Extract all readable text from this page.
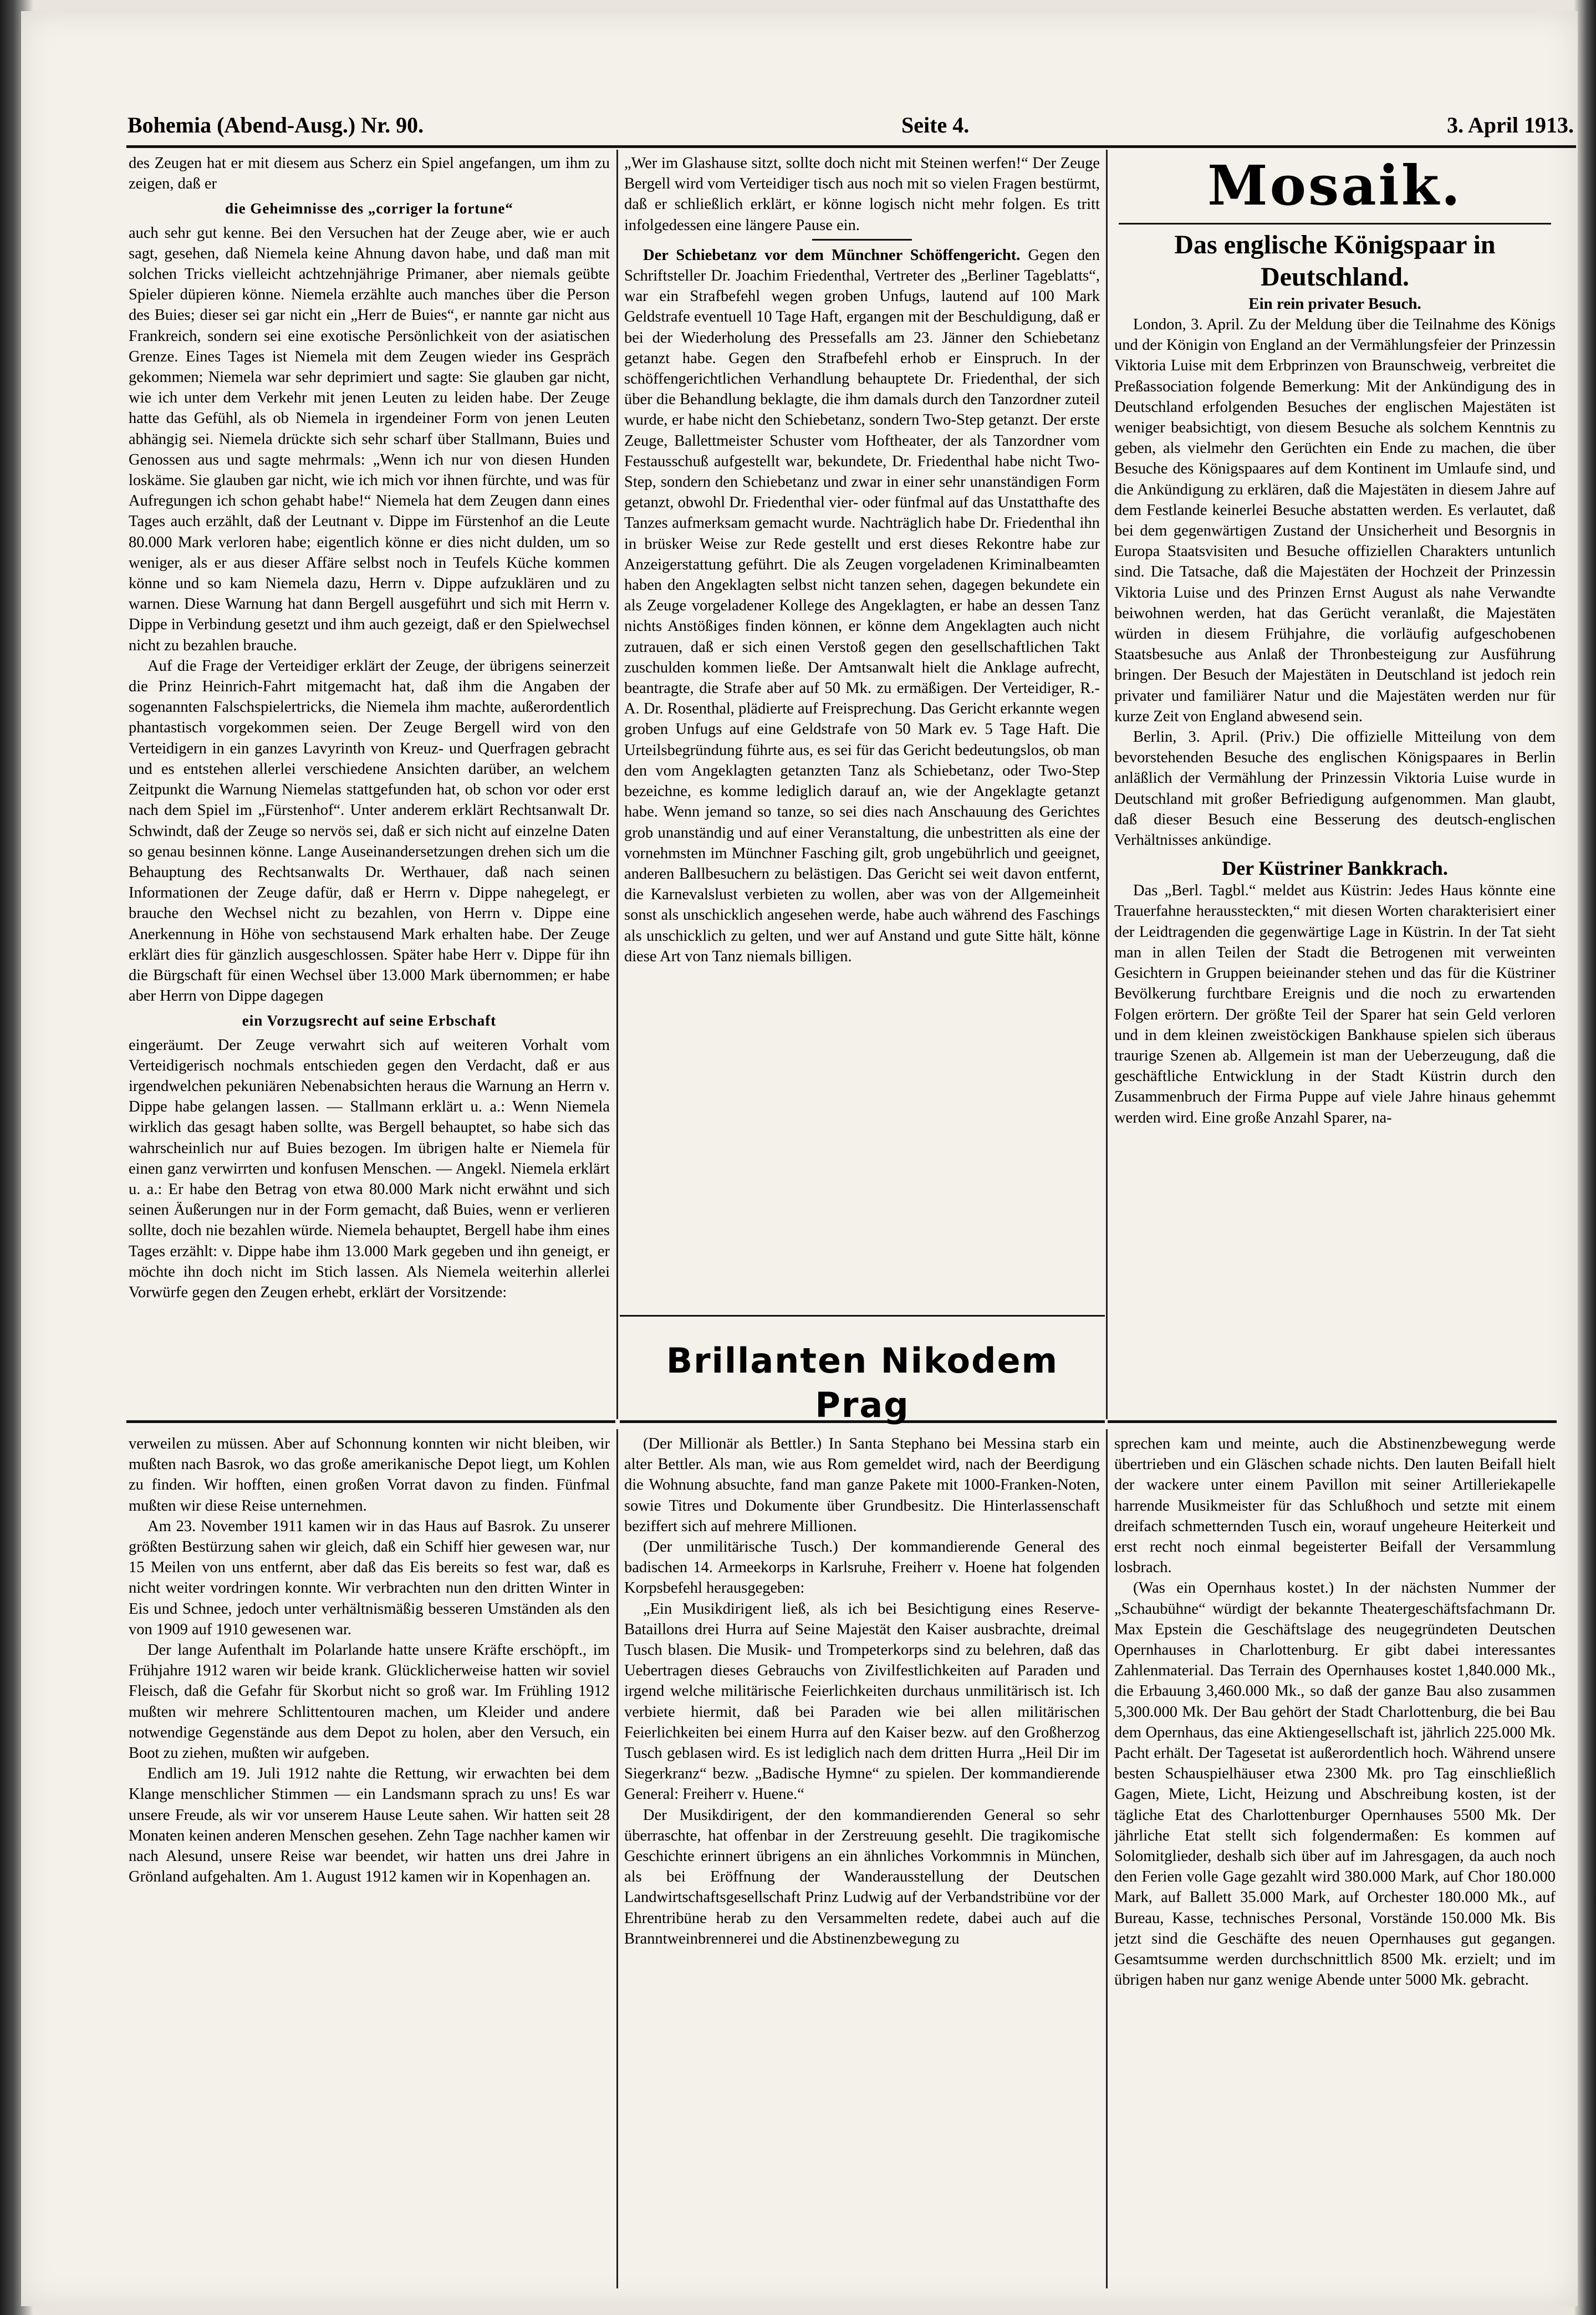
Bohemia (Abend-Ausg.) Nr. 90.	Seite 4.	3. April 1913.

des Zeugen hat er mit diesem aus Scherz ein Spiel angefangen, um ihm zu zeigen, daß er

die Geheimnisse des „corriger la fortune“

auch sehr gut kenne. Bei den Versuchen hat der Zeuge aber, wie er auch sagt, gesehen, daß Niemela keine Ahnung davon habe, und daß man mit solchen Tricks vielleicht achtzehnjährige Primaner, aber niemals geübte Spieler düpieren könne. Niemela erzählte auch manches über die Person des Buies; dieser sei gar nicht ein „Herr de Buies“, er nannte gar nicht aus Frankreich, sondern sei eine exotische Persönlichkeit von der asiatischen Grenze. Eines Tages ist Niemela mit dem Zeugen wieder ins Gespräch gekommen; Niemela war sehr deprimiert und sagte: Sie glauben gar nicht, wie ich unter dem Verkehr mit jenen Leuten zu leiden habe. Der Zeuge hatte das Gefühl, als ob Niemela in irgendeiner Form von jenen Leuten abhängig sei. Niemela drückte sich sehr scharf über Stallmann, Buies und Genossen aus und sagte mehrmals: „Wenn ich nur von diesen Hunden loskäme. Sie glauben gar nicht, wie ich mich vor ihnen fürchte, und was für Aufregungen ich schon gehabt habe!“ Niemela hat dem Zeugen dann eines Tages auch erzählt, daß der Leutnant v. Dippe im Fürstenhof an die Leute 80.000 Mark verloren habe; eigentlich könne er dies nicht dulden, um so weniger, als er aus dieser Affäre selbst noch in Teufels Küche kommen könne und so kam Niemela dazu, Herrn v. Dippe aufzuklären und zu warnen. Diese Warnung hat dann Bergell ausgeführt und sich mit Herrn v. Dippe in Verbindung gesetzt und ihm auch gezeigt, daß er den Spielwechsel nicht zu bezahlen brauche.

Auf die Frage der Verteidiger erklärt der Zeuge, der übrigens seinerzeit die Prinz Heinrich-Fahrt mitgemacht hat, daß ihm die Angaben der sogenannten Falschspielertricks, die Niemela ihm machte, außerordentlich phantastisch vorgekommen seien. Der Zeuge Bergell wird von den Verteidigern in ein ganzes Lavyrinth von Kreuz- und Querfragen gebracht und es entstehen allerlei verschiedene Ansichten darüber, an welchem Zeitpunkt die Warnung Niemelas stattgefunden hat, ob schon vor oder erst nach dem Spiel im „Fürstenhof“. Unter anderem erklärt Rechtsanwalt Dr. Schwindt, daß der Zeuge so nervös sei, daß er sich nicht auf einzelne Daten so genau besinnen könne. Lange Auseinandersetzungen drehen sich um die Behauptung des Rechtsanwalts Dr. Werthauer, daß nach seinen Informationen der Zeuge dafür, daß er Herrn v. Dippe nahegelegt, er brauche den Wechsel nicht zu bezahlen, von Herrn v. Dippe eine Anerkennung in Höhe von sechstausend Mark erhalten habe. Der Zeuge erklärt dies für gänzlich ausgeschlossen. Später habe Herr v. Dippe für ihn die Bürgschaft für einen Wechsel über 13.000 Mark übernommen; er habe aber Herrn von Dippe dagegen

ein Vorzugsrecht auf seine Erbschaft

eingeräumt. Der Zeuge verwahrt sich auf weiteren Vorhalt vom Verteidigerisch nochmals entschieden gegen den Verdacht, daß er aus irgendwelchen pekuniären Nebenabsichten heraus die Warnung an Herrn v. Dippe habe gelangen lassen. — Stallmann erklärt u. a.: Wenn Niemela wirklich das gesagt haben sollte, was Bergell behauptet, so habe sich das wahrscheinlich nur auf Buies bezogen. Im übrigen halte er Niemela für einen ganz verwirrten und konfusen Menschen. — Angekl. Niemela erklärt u. a.: Er habe den Betrag von etwa 80.000 Mark nicht erwähnt und sich seinen Äußerungen nur in der Form gemacht, daß Buies, wenn er verlieren sollte, doch nie bezahlen würde. Niemela behauptet, Bergell habe ihm eines Tages erzählt: v. Dippe habe ihm 13.000 Mark gegeben und ihn geneigt, er möchte ihn doch nicht im Stich lassen. Als Niemela weiterhin allerlei Vorwürfe gegen den Zeugen erhebt, erklärt der Vorsitzende:

„Wer im Glashause sitzt, sollte doch nicht mit Steinen werfen!“ Der Zeuge Bergell wird vom Verteidiger tisch aus noch mit so vielen Fragen bestürmt, daß er schließlich erklärt, er könne logisch nicht mehr folgen. Es tritt infolgedessen eine längere Pause ein.

Der Schiebetanz vor dem Münchner Schöffengericht. Gegen den Schriftsteller Dr. Joachim Friedenthal, Vertreter des „Berliner Tageblatts“, war ein Strafbefehl wegen groben Unfugs, lautend auf 100 Mark Geldstrafe eventuell 10 Tage Haft, ergangen mit der Beschuldigung, daß er bei der Wiederholung des Pressefalls am 23. Jänner den Schiebetanz getanzt habe. Gegen den Strafbefehl erhob er Einspruch. In der schöffengerichtlichen Verhandlung behauptete Dr. Friedenthal, der sich über die Behandlung beklagte, die ihm damals durch den Tanzordner zuteil wurde, er habe nicht den Schiebetanz, sondern Two-Step getanzt. Der erste Zeuge, Ballettmeister Schuster vom Hoftheater, der als Tanzordner vom Festausschuß aufgestellt war, bekundete, Dr. Friedenthal habe nicht Two-Step, sondern den Schiebetanz und zwar in einer sehr unanständigen Form getanzt, obwohl Dr. Friedenthal vier- oder fünfmal auf das Unstatthafte des Tanzes aufmerksam gemacht wurde. Nachträglich habe Dr. Friedenthal ihn in brüsker Weise zur Rede gestellt und erst dieses Rekontre habe zur Anzeigerstattung geführt. Die als Zeugen vorgeladenen Kriminalbeamten haben den Angeklagten selbst nicht tanzen sehen, dagegen bekundete ein als Zeuge vorgeladener Kollege des Angeklagten, er habe an dessen Tanz nichts Anstößiges finden können, er könne dem Angeklagten auch nicht zutrauen, daß er sich einen Verstoß gegen den gesellschaftlichen Takt zuschulden kommen ließe. Der Amtsanwalt hielt die Anklage aufrecht, beantragte, die Strafe aber auf 50 Mk. zu ermäßigen. Der Verteidiger, R.-A. Dr. Rosenthal, plädierte auf Freisprechung. Das Gericht erkannte wegen groben Unfugs auf eine Geldstrafe von 50 Mark ev. 5 Tage Haft. Die Urteilsbegründung führte aus, es sei für das Gericht bedeutungslos, ob man den vom Angeklagten getanzten Tanz als Schiebetanz, oder Two-Step bezeichne, es komme lediglich darauf an, wie der Angeklagte getanzt habe. Wenn jemand so tanze, so sei dies nach Anschauung des Gerichtes grob unanständig und auf einer Veranstaltung, die unbestritten als eine der vornehmsten im Münchner Fasching gilt, grob ungebührlich und geeignet, anderen Ballbesuchern zu belästigen. Das Gericht sei weit davon entfernt, die Karnevalslust verbieten zu wollen, aber was von der Allgemeinheit sonst als unschicklich angesehen werde, habe auch während des Faschings als unschicklich zu gelten, und wer auf Anstand und gute Sitte hält, könne diese Art von Tanz niemals billigen.

Brillanten Nikodem Prag
Mosaik.
Das englische Königspaar in Deutschland.
Ein rein privater Besuch.

London, 3. April. Zu der Meldung über die Teilnahme des Königs und der Königin von England an der Vermählungsfeier der Prinzessin Viktoria Luise mit dem Erbprinzen von Braunschweig, verbreitet die Preßassociation folgende Bemerkung: Mit der Ankündigung des in Deutschland erfolgenden Besuches der englischen Majestäten ist weniger beabsichtigt, von diesem Besuche als solchem Kenntnis zu geben, als vielmehr den Gerüchten ein Ende zu machen, die über Besuche des Königspaares auf dem Kontinent im Umlaufe sind, und die Ankündigung zu erklären, daß die Majestäten in diesem Jahre auf dem Festlande keinerlei Besuche abstatten werden. Es verlautet, daß bei dem gegenwärtigen Zustand der Unsicherheit und Besorgnis in Europa Staatsvisiten und Besuche offiziellen Charakters untunlich sind. Die Tatsache, daß die Majestäten der Hochzeit der Prinzessin Viktoria Luise und des Prinzen Ernst August als nahe Verwandte beiwohnen werden, hat das Gerücht veranlaßt, die Majestäten würden in diesem Frühjahre, die vorläufig aufgeschobenen Staatsbesuche aus Anlaß der Thronbesteigung zur Ausführung bringen. Der Besuch der Majestäten in Deutschland ist jedoch rein privater und familiärer Natur und die Majestäten werden nur für kurze Zeit von England abwesend sein.

Berlin, 3. April. (Priv.) Die offizielle Mitteilung von dem bevorstehenden Besuche des englischen Königspaares in Berlin anläßlich der Vermählung der Prinzessin Viktoria Luise wurde in Deutschland mit großer Befriedigung aufgenommen. Man glaubt, daß dieser Besuch eine Besserung des deutsch-englischen Verhältnisses ankündige.

Der Küstriner Bankkrach.

Das „Berl. Tagbl.“ meldet aus Küstrin: Jedes Haus könnte eine Trauerfahne heraussteckten,“ mit diesen Worten charakterisiert einer der Leidtragenden die gegenwärtige Lage in Küstrin. In der Tat sieht man in allen Teilen der Stadt die Betrogenen mit verweinten Gesichtern in Gruppen beieinander stehen und das für die Küstriner Bevölkerung furchtbare Ereignis und die noch zu erwartenden Folgen erörtern. Der größte Teil der Sparer hat sein Geld verloren und in dem kleinen zweistöckigen Bankhause spielen sich überaus traurige Szenen ab. Allgemein ist man der Ueberzeugung, daß die geschäftliche Entwicklung in der Stadt Küstrin durch den Zusammenbruch der Firma Puppe auf viele Jahre hinaus gehemmt werden wird. Eine große Anzahl Sparer, na-

verweilen zu müssen. Aber auf Schonnung konnten wir nicht bleiben, wir mußten nach Basrok, wo das große amerikanische Depot liegt, um Kohlen zu finden. Wir hofften, einen großen Vorrat davon zu finden. Fünfmal mußten wir diese Reise unternehmen.

Am 23. November 1911 kamen wir in das Haus auf Basrok. Zu unserer größten Bestürzung sahen wir gleich, daß ein Schiff hier gewesen war, nur 15 Meilen von uns entfernt, aber daß das Eis bereits so fest war, daß es nicht weiter vordringen konnte. Wir verbrachten nun den dritten Winter in Eis und Schnee, jedoch unter verhältnismäßig besseren Umständen als den von 1909 auf 1910 gewesenen war.

Der lange Aufenthalt im Polarlande hatte unsere Kräfte erschöpft., im Frühjahre 1912 waren wir beide krank. Glücklicherweise hatten wir soviel Fleisch, daß die Gefahr für Skorbut nicht so groß war. Im Frühling 1912 mußten wir mehrere Schlittentouren machen, um Kleider und andere notwendige Gegenstände aus dem Depot zu holen, aber den Versuch, ein Boot zu ziehen, mußten wir aufgeben.

Endlich am 19. Juli 1912 nahte die Rettung, wir erwachten bei dem Klange menschlicher Stimmen — ein Landsmann sprach zu uns! Es war unsere Freude, als wir vor unserem Hause Leute sahen. Wir hatten seit 28 Monaten keinen anderen Menschen gesehen. Zehn Tage nachher kamen wir nach Alesund, unsere Reise war beendet, wir hatten uns drei Jahre in Grönland aufgehalten. Am 1. August 1912 kamen wir in Kopenhagen an.

(Der Millionär als Bettler.) In Santa Stephano bei Messina starb ein alter Bettler. Als man, wie aus Rom gemeldet wird, nach der Beerdigung die Wohnung absuchte, fand man ganze Pakete mit 1000-Franken-Noten, sowie Titres und Dokumente über Grundbesitz. Die Hinterlassenschaft beziffert sich auf mehrere Millionen.

(Der unmilitärische Tusch.) Der kommandierende General des badischen 14. Armeekorps in Karlsruhe, Freiherr v. Hoene hat folgenden Korpsbefehl herausgegeben:

„Ein Musikdirigent ließ, als ich bei Besichtigung eines Reserve-Bataillons drei Hurra auf Seine Majestät den Kaiser ausbrachte, dreimal Tusch blasen. Die Musik- und Trompeterkorps sind zu belehren, daß das Uebertragen dieses Gebrauchs von Zivilfestlichkeiten auf Paraden und irgend welche militärische Feierlichkeiten durchaus unmilitärisch ist. Ich verbiete hiermit, daß bei Paraden wie bei allen militärischen Feierlichkeiten bei einem Hurra auf den Kaiser bezw. auf den Großherzog Tusch geblasen wird. Es ist lediglich nach dem dritten Hurra „Heil Dir im Siegerkranz“ bezw. „Badische Hymne“ zu spielen. Der kommandierende General: Freiherr v. Huene.“

Der Musikdirigent, der den kommandierenden General so sehr überraschte, hat offenbar in der Zerstreuung gesehlt. Die tragikomische Geschichte erinnert übrigens an ein ähnliches Vorkommnis in München, als bei Eröffnung der Wanderausstellung der Deutschen Landwirtschaftsgesellschaft Prinz Ludwig auf der Verbandstribüne vor der Ehrentribüne herab zu den Versammelten redete, dabei auch auf die Branntweinbrennerei und die Abstinenzbewegung zu

sprechen kam und meinte, auch die Abstinenzbewegung werde übertrieben und ein Gläschen schade nichts. Den lauten Beifall hielt der wackere unter einem Pavillon mit seiner Artilleriekapelle harrende Musikmeister für das Schlußhoch und setzte mit einem dreifach schmetternden Tusch ein, worauf ungeheure Heiterkeit und erst recht noch einmal begeisterter Beifall der Versammlung losbrach.

(Was ein Opernhaus kostet.) In der nächsten Nummer der „Schaubühne“ würdigt der bekannte Theatergeschäftsfachmann Dr. Max Epstein die Geschäftslage des neugegründeten Deutschen Opernhauses in Charlottenburg. Er gibt dabei interessantes Zahlenmaterial. Das Terrain des Opernhauses kostet 1,840.000 Mk., die Erbauung 3,460.000 Mk., so daß der ganze Bau also zusammen 5,300.000 Mk. Der Bau gehört der Stadt Charlottenburg, die bei Bau dem Opernhaus, das eine Aktiengesellschaft ist, jährlich 225.000 Mk. Pacht erhält. Der Tagesetat ist außerordentlich hoch. Während unsere besten Schauspielhäuser etwa 2300 Mk. pro Tag einschließlich Gagen, Miete, Licht, Heizung und Abschreibung kosten, ist der tägliche Etat des Charlottenburger Opernhauses 5500 Mk. Der jährliche Etat stellt sich folgendermaßen: Es kommen auf Solomitglieder, deshalb sich über auf im Jahresgagen, da auch noch den Ferien volle Gage gezahlt wird 380.000 Mark, auf Chor 180.000 Mark, auf Ballett 35.000 Mark, auf Orchester 180.000 Mk., auf Bureau, Kasse, technisches Personal, Vorstände 150.000 Mk. Bis jetzt sind die Geschäfte des neuen Opernhauses gut gegangen. Gesamtsumme werden durchschnittlich 8500 Mk. erzielt; und im übrigen haben nur ganz wenige Abende unter 5000 Mk. gebracht.
